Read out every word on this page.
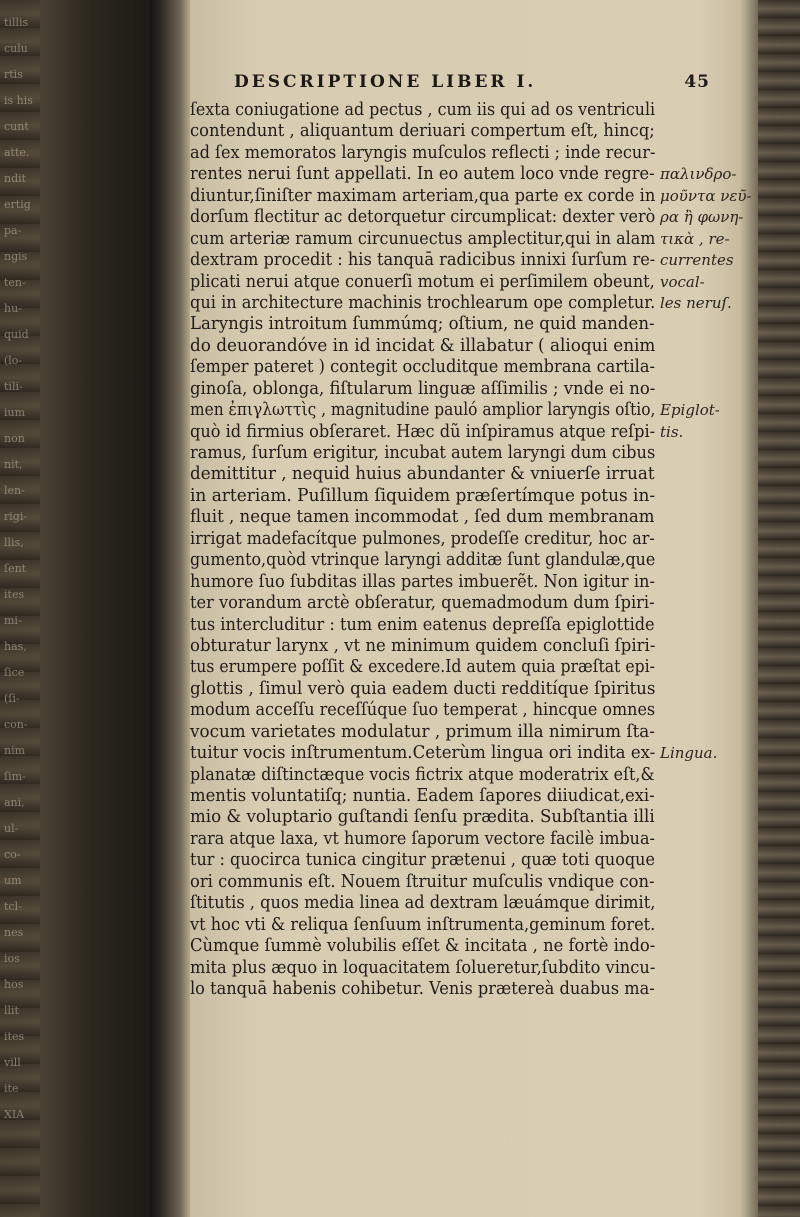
tillis
culu
rtis
is his
cunt
atte.
ndit
ertig
pa-
ngis
ten-
hu-
quid
(lo-
tili-
ium
non
nit,
len-
rigi-
llis,
ſent
ites
mi-
has,
ſice
(ſi-
con-
nim
ſim-
ani,
ul-
co-
um
tcl-
nes
ios
hos
llit
ites
vill
ite
XIA
DESCRIPTIONE LIBER I.	45
ſexta coniugatione ad pectus , cum iis qui ad os ventriculi
contendunt , aliquantum deriuari compertum eſt, hincq;
ad ſex memoratos laryngis muſculos reflecti ; inde recur-
rentes nerui ſunt appellati. In eo autem loco vnde regre- παλινδρο-
diuntur,ſiniſter maximam arteriam,qua parte ex corde in μοῦντα νεῦ-
dorſum flectitur ac detorquetur circumplicat: dexter verò ρα ἢ φωνη-
cum arteriæ ramum circunuectus amplectitur,qui in alam τικὰ , re-
dextram procedit : his tanquā radicibus innixi ſurſum re- currentes
plicati nerui atque conuerſi motum ei perſimilem obeunt, vocal-
qui in architecture machinis trochlearum ope completur. les neruſ.
Laryngis introitum ſummúmq; oſtium, ne quid manden-
do deuorandóve in id incidat & illabatur ( alioqui enim
ſemper pateret ) contegit occluditque membrana cartila-
ginoſa, oblonga, fiſtularum linguæ aſſimilis ; vnde ei no-
men ἐπιγλωττὶς , magnitudine pauló amplior laryngis oſtio, Epiglot-
quò id firmius obſeraret. Hæc dũ inſpiramus atque reſpi- tis.
ramus, ſurſum erigitur, incubat autem laryngi dum cibus
demittitur , nequid huius abundanter & vniuerſe irruat
in arteriam. Puſillum ſiquidem præſertímque potus in-
fluit , neque tamen incommodat , ſed dum membranam
irrigat madefacítque pulmones, prodeſſe creditur, hoc ar-
gumento,quòd vtrinque laryngi additæ ſunt glandulæ,que
humore ſuo ſubditas illas partes imbuerẽt. Non igitur in-
ter vorandum arctè obſeratur, quemadmodum dum ſpiri-
tus intercluditur : tum enim eatenus depreſſa epiglottide
obturatur larynx , vt ne minimum quidem concluſi ſpiri-
tus erumpere poſſit & excedere.Id autem quia præſtat epi-
glottis , ſimul verò quia eadem ducti redditíque ſpiritus
modum acceſſu receſſúque ſuo temperat , hincque omnes
vocum varietates modulatur , primum illa nimirum ſta-
tuitur vocis inſtrumentum.Ceterùm lingua ori indita ex- Lingua.
planatæ diſtinctæque vocis fictrix atque moderatrix eſt,&
mentis voluntatiſq; nuntia. Eadem ſapores diiudicat,exi-
mio & voluptario guſtandi ſenſu prædita. Subſtantia illi
rara atque laxa, vt humore ſaporum vectore facilè imbua-
tur : quocirca tunica cingitur prætenui , quæ toti quoque
ori communis eſt. Nouem ſtruitur muſculis vndique con-
ſtitutis , quos media linea ad dextram læuámque dirimit,
vt hoc vti & reliqua ſenſuum inſtrumenta,geminum foret.
Cùmque ſummè volubilis eſſet & incitata , ne fortè indo-
mita plus æquo in loquacitatem ſolueretur,ſubdito vincu-
lo tanquā habenis cohibetur. Venis prætereà duabus ma-
